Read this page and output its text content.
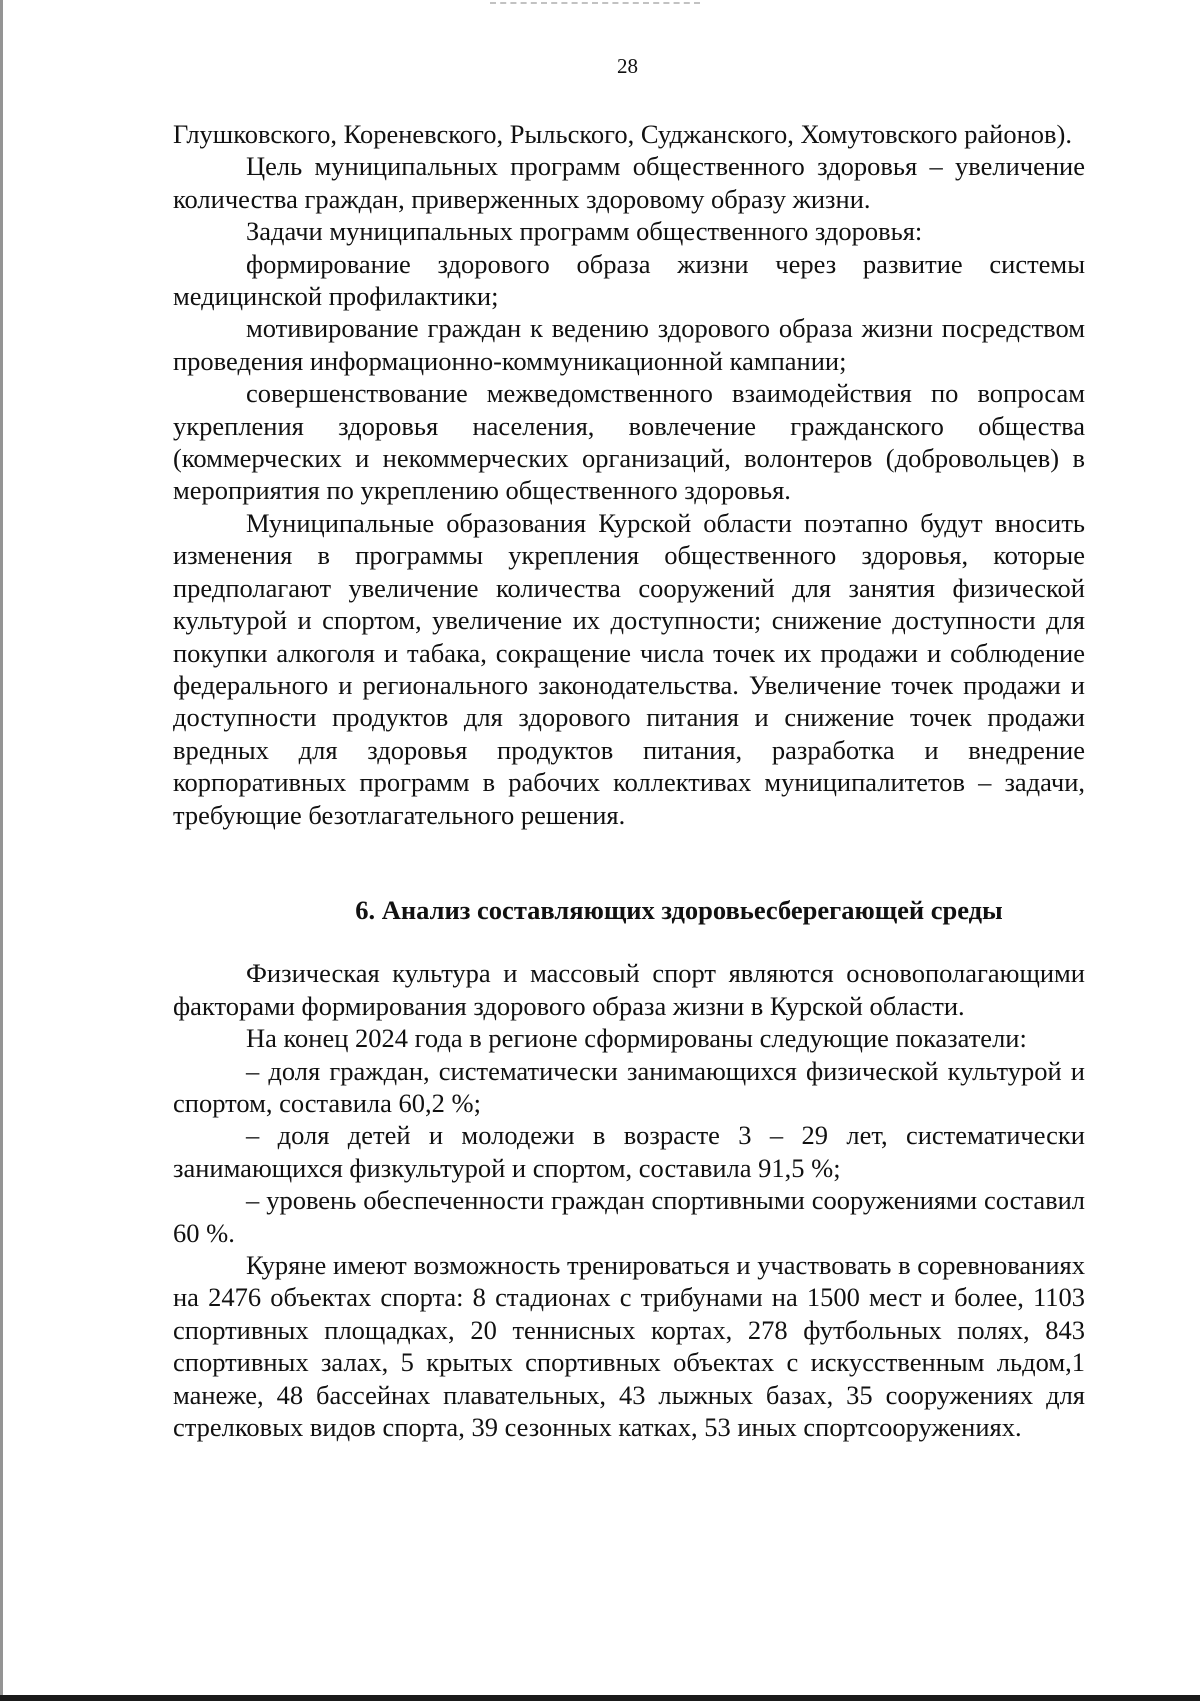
28

Глушковского, Кореневского, Рыльского, Суджанского, Хомутовского районов).

Цель муниципальных программ общественного здоровья – увеличение количества граждан, приверженных здоровому образу жизни.

Задачи муниципальных программ общественного здоровья:

формирование здорового образа жизни через развитие системы медицинской профилактики;

мотивирование граждан к ведению здорового образа жизни посредством проведения информационно-коммуникационной кампании;

совершенствование межведомственного взаимодействия по вопросам укрепления здоровья населения, вовлечение гражданского общества (коммерческих и некоммерческих организаций, волонтеров (добровольцев) в мероприятия по укреплению общественного здоровья.

Муниципальные образования Курской области поэтапно будут вносить изменения в программы укрепления общественного здоровья, которые предполагают увеличение количества сооружений для занятия физической культурой и спортом, увеличение их доступности; снижение доступности для покупки алкоголя и табака, сокращение числа точек их продажи и соблюдение федерального и регионального законодательства. Увеличение точек продажи и доступности продуктов для здорового питания и снижение точек продажи вредных для здоровья продуктов питания, разработка и внедрение корпоративных программ в рабочих коллективах муниципалитетов – задачи, требующие безотлагательного решения.

6. Анализ составляющих здоровьесберегающей среды

Физическая культура и массовый спорт являются основополагающими факторами формирования здорового образа жизни в Курской области.

На конец 2024 года в регионе сформированы следующие показатели:

– доля граждан, систематически занимающихся физической культурой и спортом, составила 60,2 %;

– доля детей и молодежи в возрасте 3 – 29 лет, систематически занимающихся физкультурой и спортом, составила 91,5 %;

– уровень обеспеченности граждан спортивными сооружениями составил 60 %.

Куряне имеют возможность тренироваться и участвовать в соревнованиях на 2476 объектах спорта: 8 стадионах с трибунами на 1500 мест и более, 1103 спортивных площадках, 20 теннисных кортах, 278 футбольных полях, 843 спортивных залах, 5 крытых спортивных объектах с искусственным льдом,1 манеже, 48 бассейнах плавательных, 43 лыжных базах, 35 сооружениях для стрелковых видов спорта, 39 сезонных катках, 53 иных спортсооружениях.
